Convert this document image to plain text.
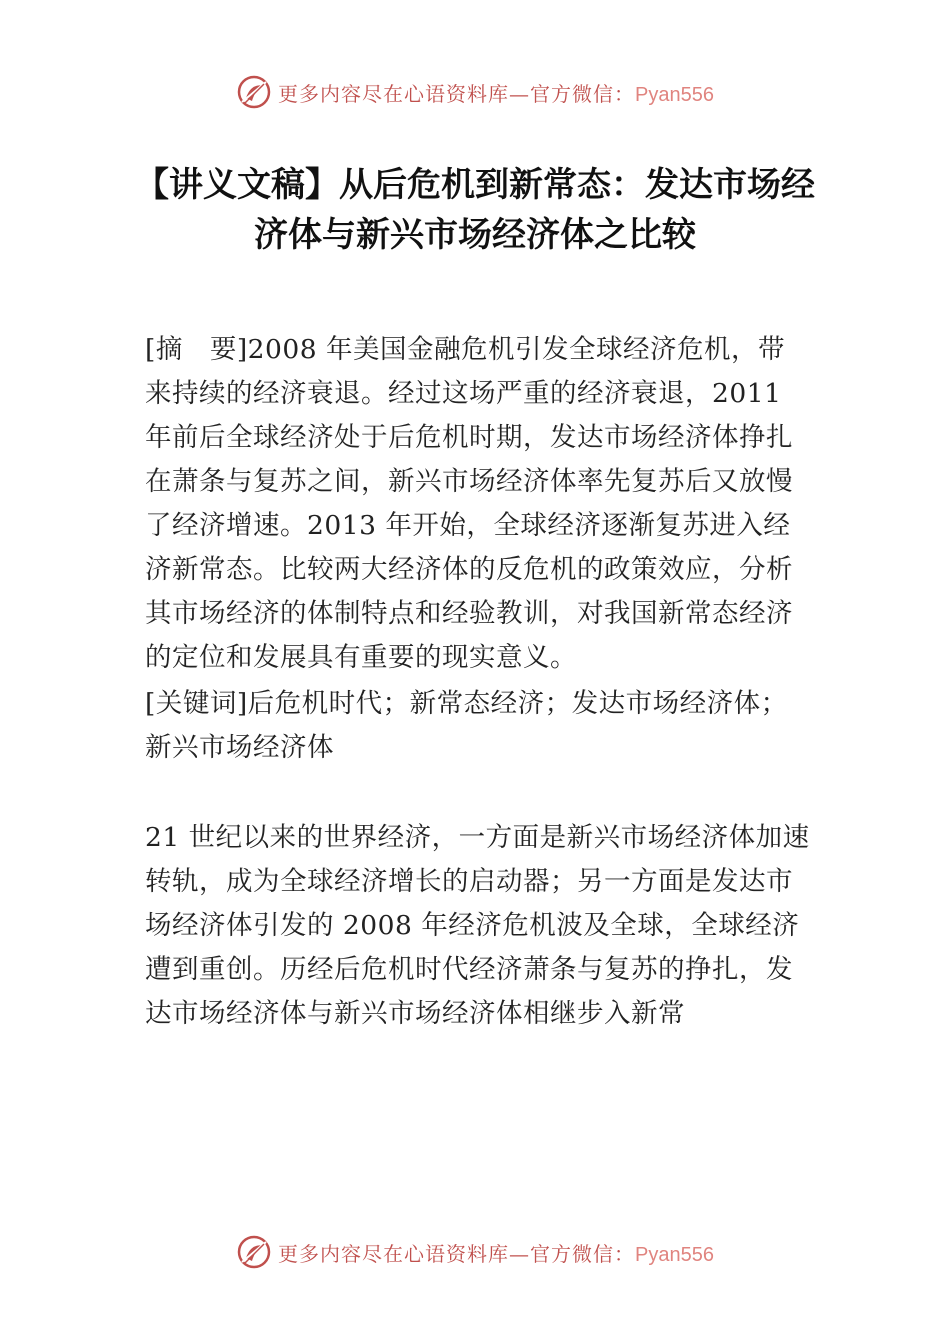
更多内容尽在心语资料库—官方微信：Pyan556
【讲义文稿】从后危机到新常态：发达市场经济体与新兴市场经济体之比较

[摘　要]2008 年美国金融危机引发全球经济危机，带来持续的经济衰退。经过这场严重的经济衰退，2011 年前后全球经济处于后危机时期，发达市场经济体挣扎在萧条与复苏之间，新兴市场经济体率先复苏后又放慢了经济增速。2013 年开始，全球经济逐渐复苏进入经济新常态。比较两大经济体的反危机的政策效应，分析其市场经济的体制特点和经验教训，对我国新常态经济的定位和发展具有重要的现实意义。

[关键词]后危机时代；新常态经济；发达市场经济体；新兴市场经济体

21 世纪以来的世界经济，一方面是新兴市场经济体加速转轨，成为全球经济增长的启动器；另一方面是发达市场经济体引发的 2008 年经济危机波及全球，全球经济遭到重创。历经后危机时代经济萧条与复苏的挣扎，发达市场经济体与新兴市场经济体相继步入新常

更多内容尽在心语资料库—官方微信：Pyan556
